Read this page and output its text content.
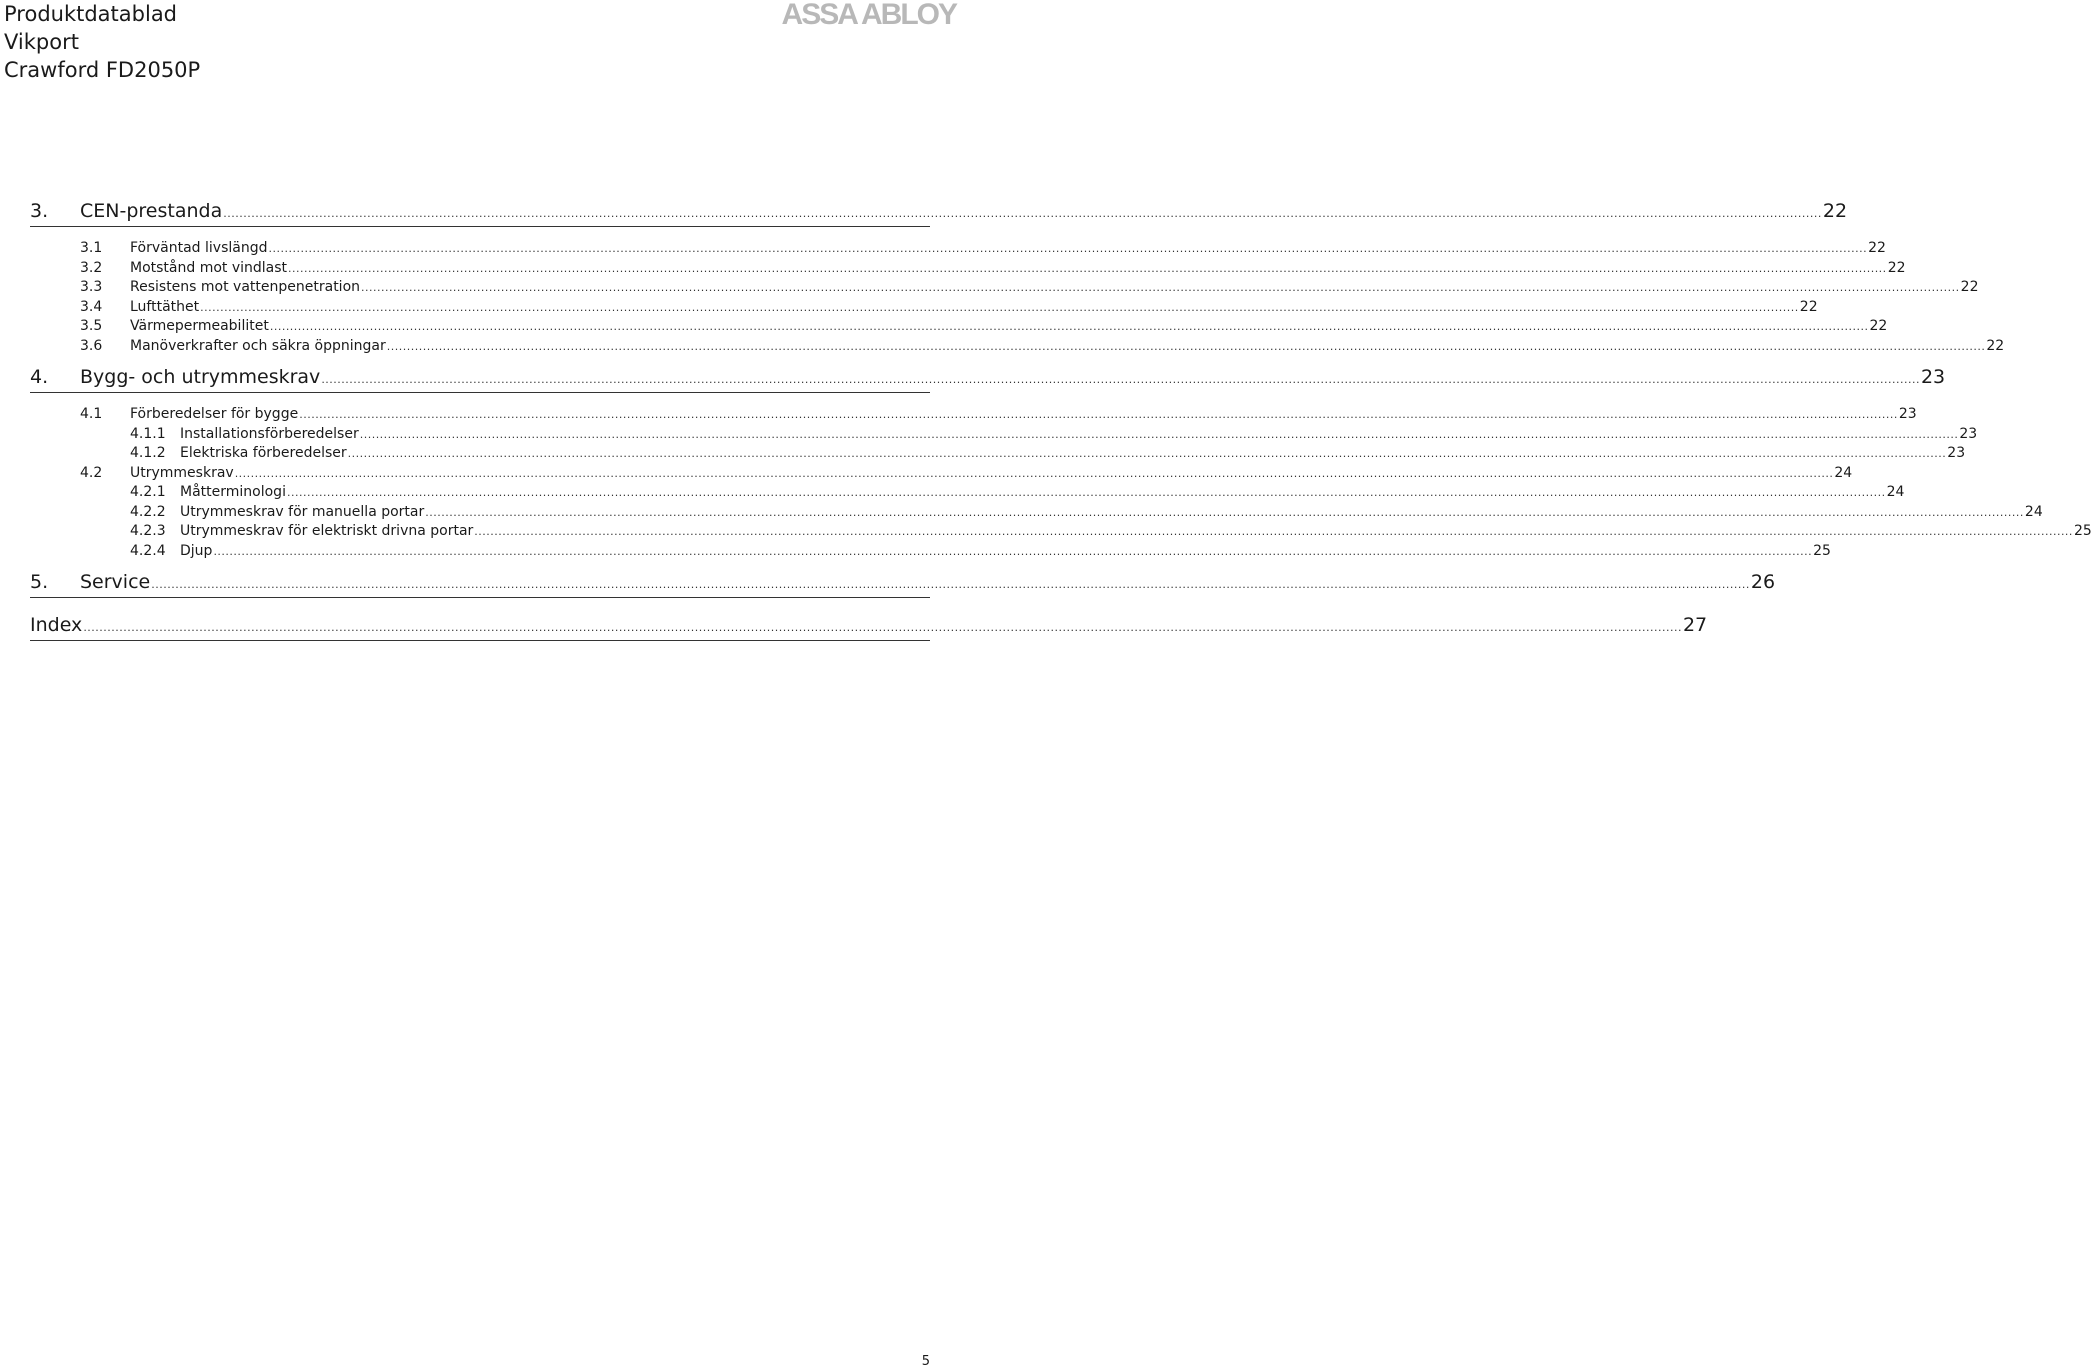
Produktdatablad
Vikport
Crawford FD2050P
ASSA ABLOY
3.	CEN-prestanda ................................................................................................................................................................................................................................................................................................................................................................................................................ 22
3.1	Förväntad livslängd ................................................................................................................................................................................................................................................................................................................................................................................................................ 22
3.2	Motstånd mot vindlast ................................................................................................................................................................................................................................................................................................................................................................................................................ 22
3.3	Resistens mot vattenpenetration ................................................................................................................................................................................................................................................................................................................................................................................................................ 22
3.4	Lufttäthet ................................................................................................................................................................................................................................................................................................................................................................................................................ 22
3.5	Värmepermeabilitet ................................................................................................................................................................................................................................................................................................................................................................................................................ 22
3.6	Manöverkrafter och säkra öppningar ................................................................................................................................................................................................................................................................................................................................................................................................................ 22
4.	Bygg- och utrymmeskrav ................................................................................................................................................................................................................................................................................................................................................................................................................ 23
4.1	Förberedelser för bygge ................................................................................................................................................................................................................................................................................................................................................................................................................ 23
4.1.1	Installationsförberedelser ................................................................................................................................................................................................................................................................................................................................................................................................................ 23
4.1.2	Elektriska förberedelser ................................................................................................................................................................................................................................................................................................................................................................................................................ 23
4.2	Utrymmeskrav ................................................................................................................................................................................................................................................................................................................................................................................................................ 24
4.2.1	Måtterminologi ................................................................................................................................................................................................................................................................................................................................................................................................................ 24
4.2.2	Utrymmeskrav för manuella portar ................................................................................................................................................................................................................................................................................................................................................................................................................ 24
4.2.3	Utrymmeskrav för elektriskt drivna portar ................................................................................................................................................................................................................................................................................................................................................................................................................ 25
4.2.4	Djup ................................................................................................................................................................................................................................................................................................................................................................................................................ 25
5.	Service ................................................................................................................................................................................................................................................................................................................................................................................................................ 26
Index ................................................................................................................................................................................................................................................................................................................................................................................................................ 27
5
